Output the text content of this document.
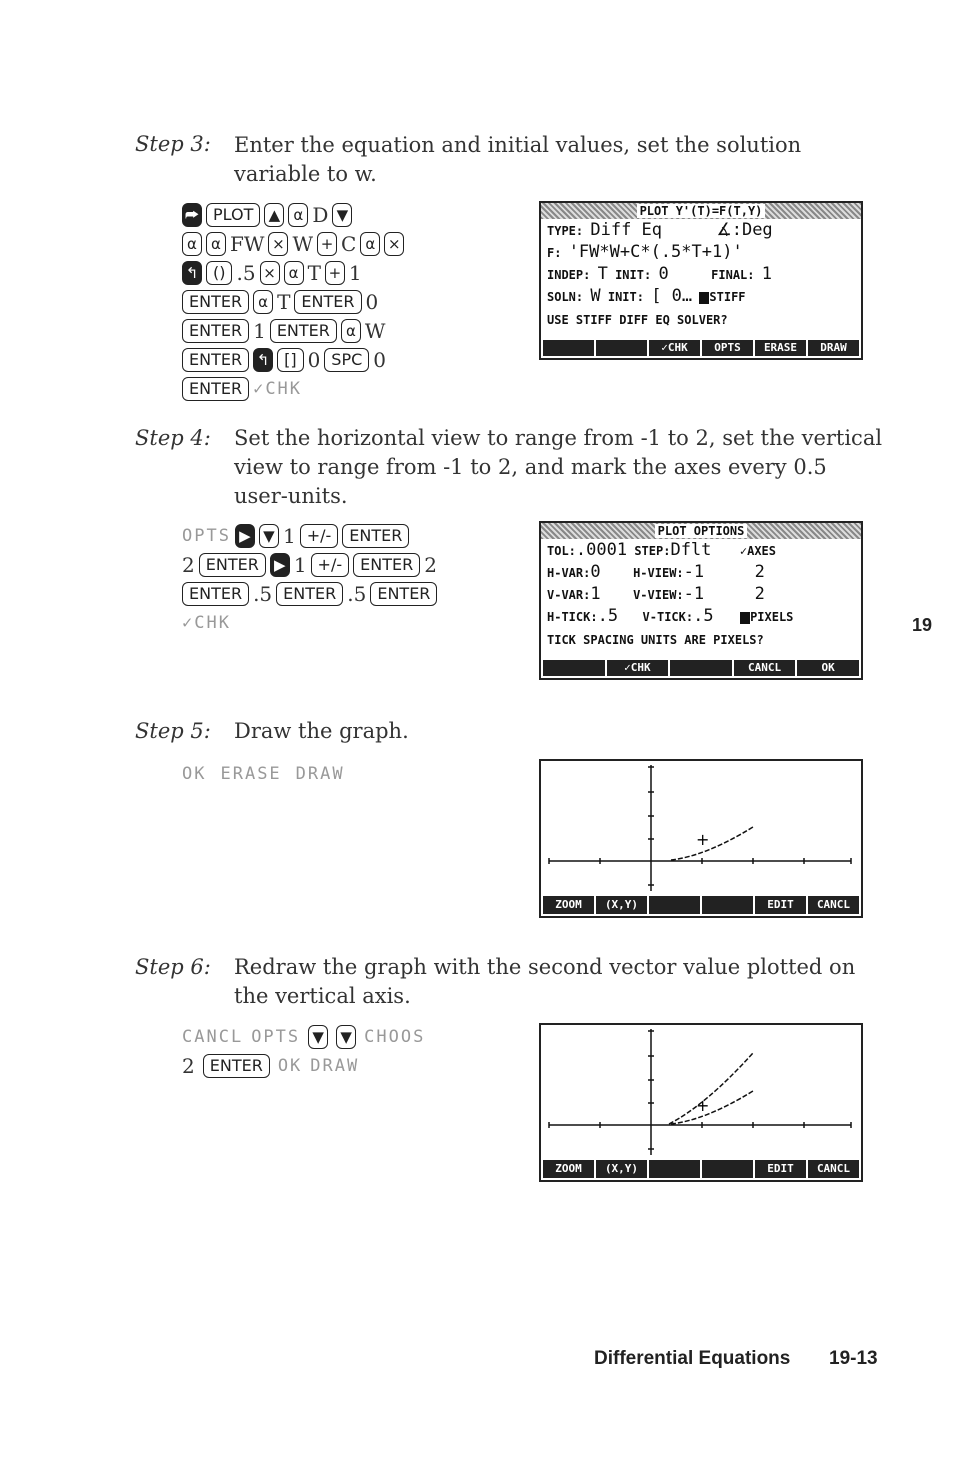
Step 3: Enter the equation and initial values, set the solution
variable to w.
⮫ PLOT	▲ α D ▼
α α FW × W + C α ×
↰ () .5 × α T + 1
ENTER	α T ENTER 0
ENTER 1 ENTER	α W
ENTER ↰ [] 0 SPC 0
ENTER ✓CHK
PLOT Y'(T)=F(T,Y)
TYPE: Diff Eq	∡:Deg
F: 'FW*W+C*(.5*T+1)'
INDEP: T INIT: 0	FINAL: 1
SOLN: W INIT: [ 0… STIFF
USE STIFF DIFF EQ SOLVER?
✓CHK	OPTS	ERASE	DRAW
Step 4: Set the horizontal view to range from -1 to 2, set the vertical
view to range from -1 to 2, and mark the axes every 0.5
user-units.
OPTS ▶ ▼ 1 +/-	ENTER
2 ENTER	▶ 1 +/-	ENTER 2
ENTER .5 ENTER .5 ENTER
✓CHK
PLOT OPTIONS
TOL:.0001 STEP:Dflt ✓AXES
H-VAR:0	H-VIEW:-1	2
V-VAR:1	V-VIEW:-1	2
H-TICK:.5 V-TICK:.5	PIXELS
TICK SPACING UNITS ARE PIXELS?
✓CHK	CANCL	OK
19
Step 5: Draw the graph.
OK ERASE DRAW
+
ZOOM	(X,Y)	EDIT	CANCL
Step 6: Redraw the graph with the second vector value plotted on
the vertical axis.
CANCL OPTS ▼ ▼ CHOOS
2 ENTER OK DRAW
+
ZOOM	(X,Y)	EDIT	CANCL
Differential Equations 19-13
